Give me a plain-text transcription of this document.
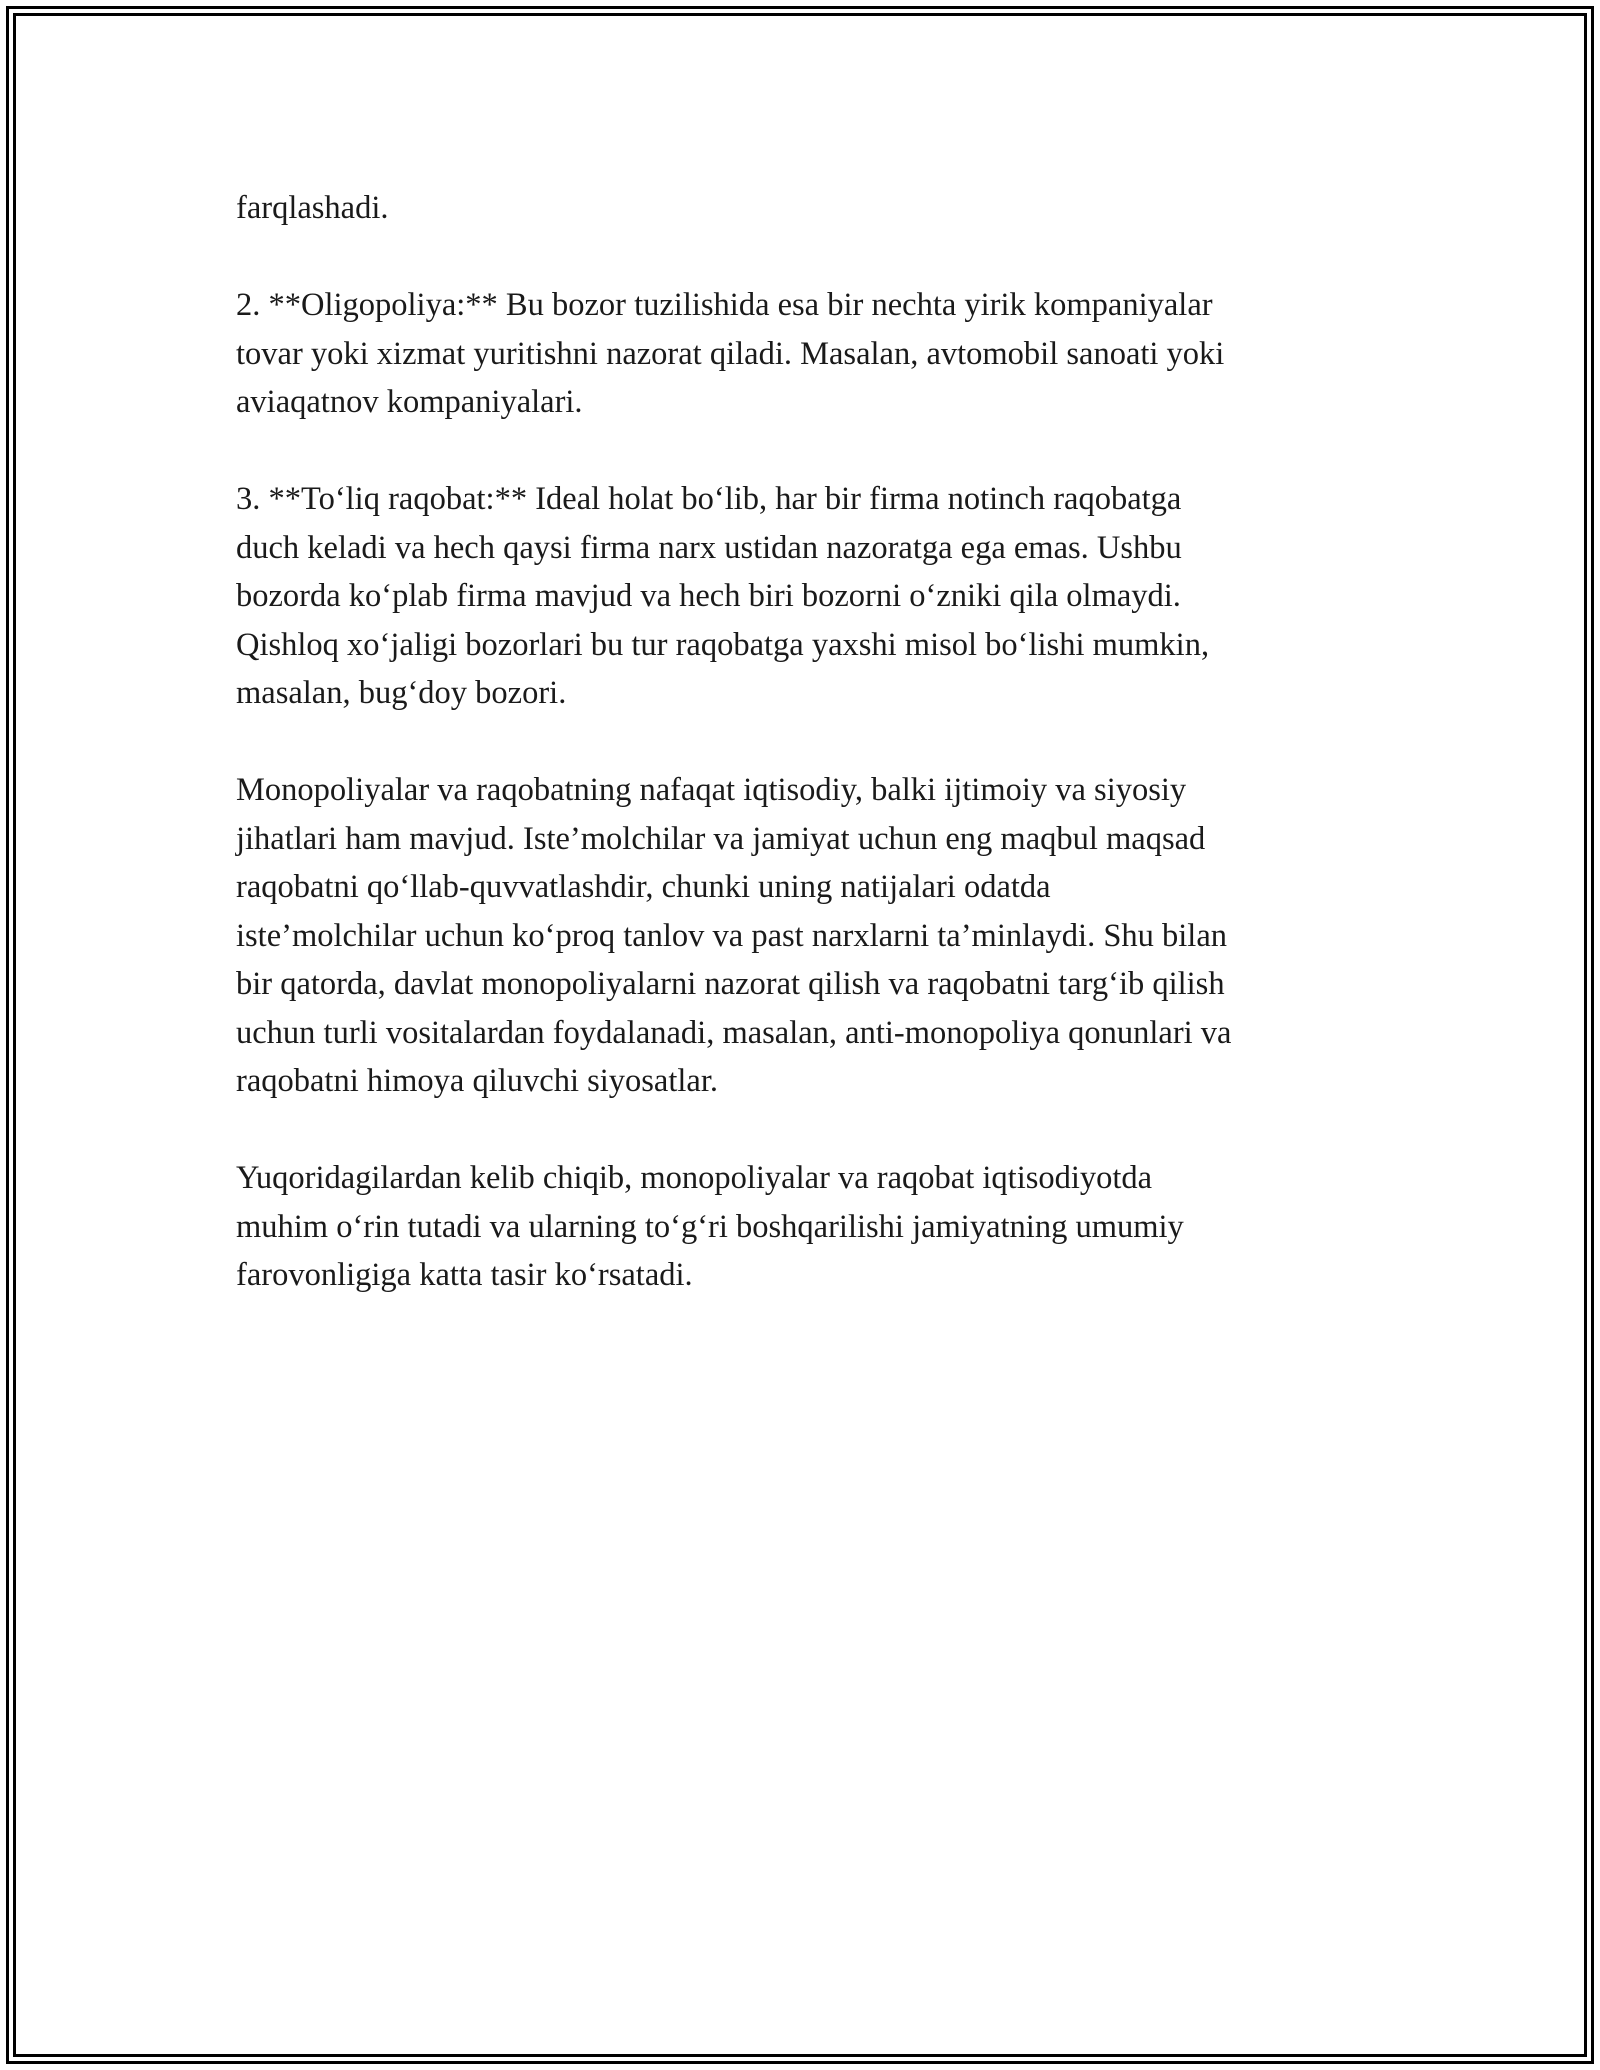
farqlashadi.

2. **Oligopoliya:** Bu bozor tuzilishida esa bir nechta yirik kompaniyalar
tovar yoki xizmat yuritishni nazorat qiladi. Masalan, avtomobil sanoati yoki
aviaqatnov kompaniyalari.

3. **To‘liq raqobat:** Ideal holat bo‘lib, har bir firma notinch raqobatga
duch keladi va hech qaysi firma narx ustidan nazoratga ega emas. Ushbu
bozorda ko‘plab firma mavjud va hech biri bozorni o‘zniki qila olmaydi.
Qishloq xo‘jaligi bozorlari bu tur raqobatga yaxshi misol bo‘lishi mumkin,
masalan, bug‘doy bozori.

Monopoliyalar va raqobatning nafaqat iqtisodiy, balki ijtimoiy va siyosiy
jihatlari ham mavjud. Iste’molchilar va jamiyat uchun eng maqbul maqsad
raqobatni qo‘llab-quvvatlashdir, chunki uning natijalari odatda
iste’molchilar uchun ko‘proq tanlov va past narxlarni ta’minlaydi. Shu bilan
bir qatorda, davlat monopoliyalarni nazorat qilish va raqobatni targ‘ib qilish
uchun turli vositalardan foydalanadi, masalan, anti-monopoliya qonunlari va
raqobatni himoya qiluvchi siyosatlar.

Yuqoridagilardan kelib chiqib, monopoliyalar va raqobat iqtisodiyotda
muhim o‘rin tutadi va ularning to‘g‘ri boshqarilishi jamiyatning umumiy
farovonligiga katta tasir ko‘rsatadi.
